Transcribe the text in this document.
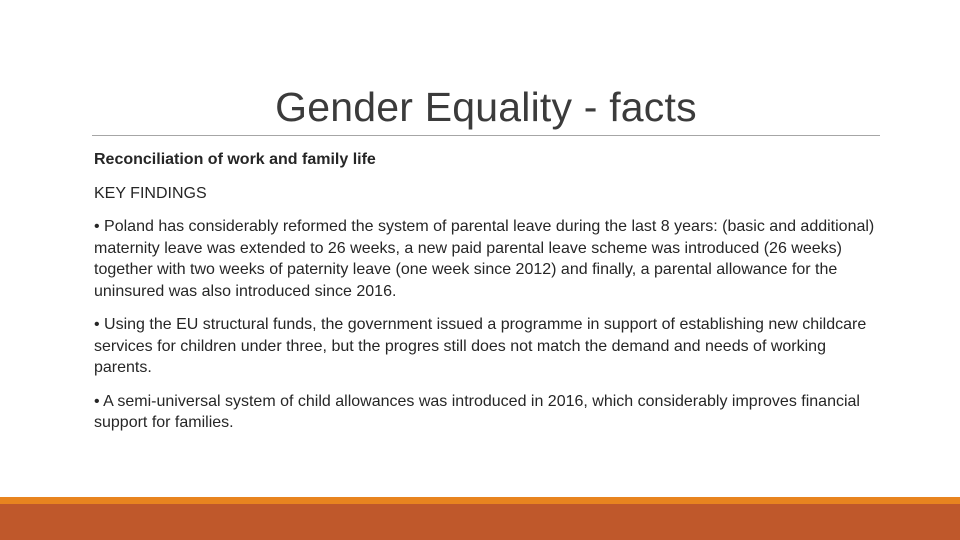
Gender Equality - facts

Reconciliation of work and family life

KEY FINDINGS

• Poland has considerably reformed the system of parental leave during the last 8 years: (basic and additional) maternity leave was extended to 26 weeks, a new paid parental leave scheme was introduced (26 weeks) together with two weeks of paternity leave (one week since 2012) and finally, a parental allowance for the uninsured was also introduced since 2016.

• Using the EU structural funds, the government issued a programme in support of establishing new childcare services for children under three, but the progres still does not match the demand and needs of working parents.

• A semi-universal system of child allowances was introduced in 2016, which considerably improves financial support for families.
